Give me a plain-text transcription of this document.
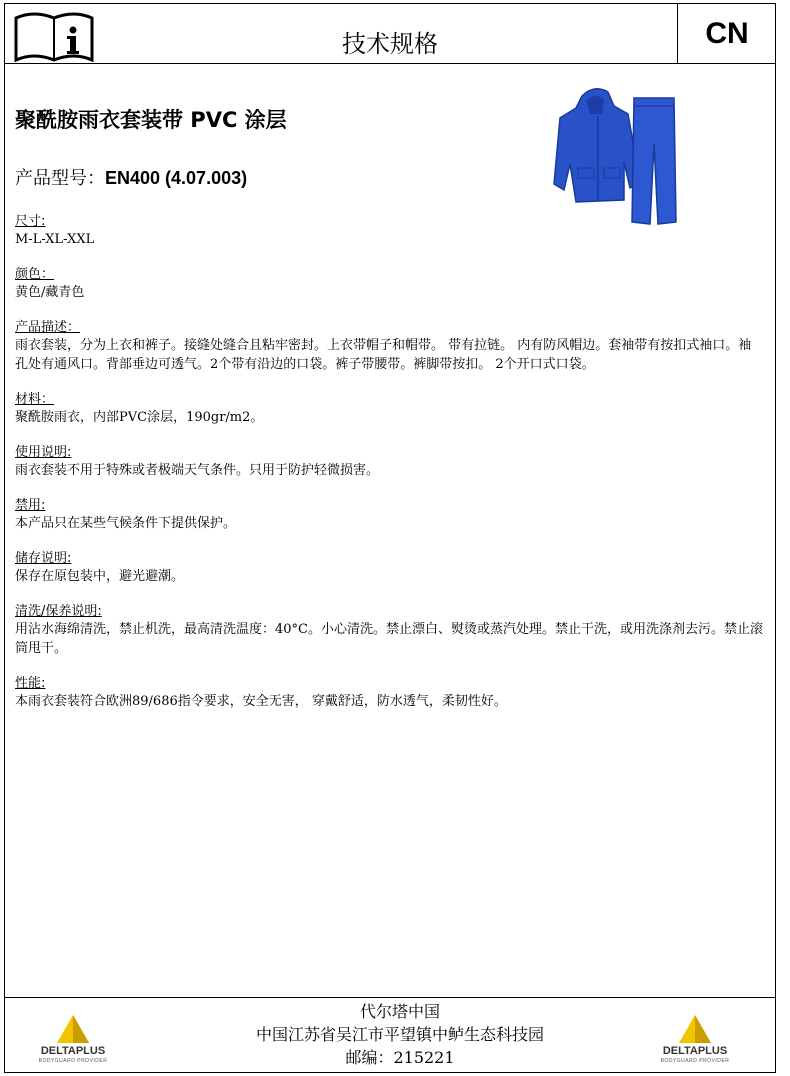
技术规格	CN
聚酰胺雨衣套装带 PVC 涂层
产品型号：EN400 (4.07.003)
尺寸:

M-L-XL-XXL
颜色：

黄色/藏青色
产品描述：

雨衣套装，分为上衣和裤子。接缝处缝合且粘牢密封。上衣带帽子和帽带。 带有拉链。 内有防风帽边。套袖带有按扣式袖口。袖孔处有通风口。背部垂边可透气。2个带有沿边的口袋。裤子带腰带。裤脚带按扣。 2个开口式口袋。
材料：

聚酰胺雨衣，内部PVC涂层，190gr/m2。
使用说明:

雨衣套装不用于特殊或者极端天气条件。只用于防护轻微损害。
禁用:

本产品只在某些气候条件下提供保护。
储存说明:

保存在原包装中，避光避潮。
清洗/保养说明:

用沾水海绵清洗，禁止机洗，最高清洗温度：40°C。小心清洗。禁止漂白、熨烫或蒸汽处理。禁止干洗，或用洗涤剂去污。禁止滚筒甩干。
性能:

本雨衣套装符合欧洲89/686指令要求，安全无害， 穿戴舒适，防水透气，柔韧性好。
代尔塔中国
中国江苏省吴江市平望镇中鲈生态科技园
邮编：215221
DELTAPLUS
BODYGUARD PROVIDER
DELTAPLUS
BODYGUARD PROVIDER
